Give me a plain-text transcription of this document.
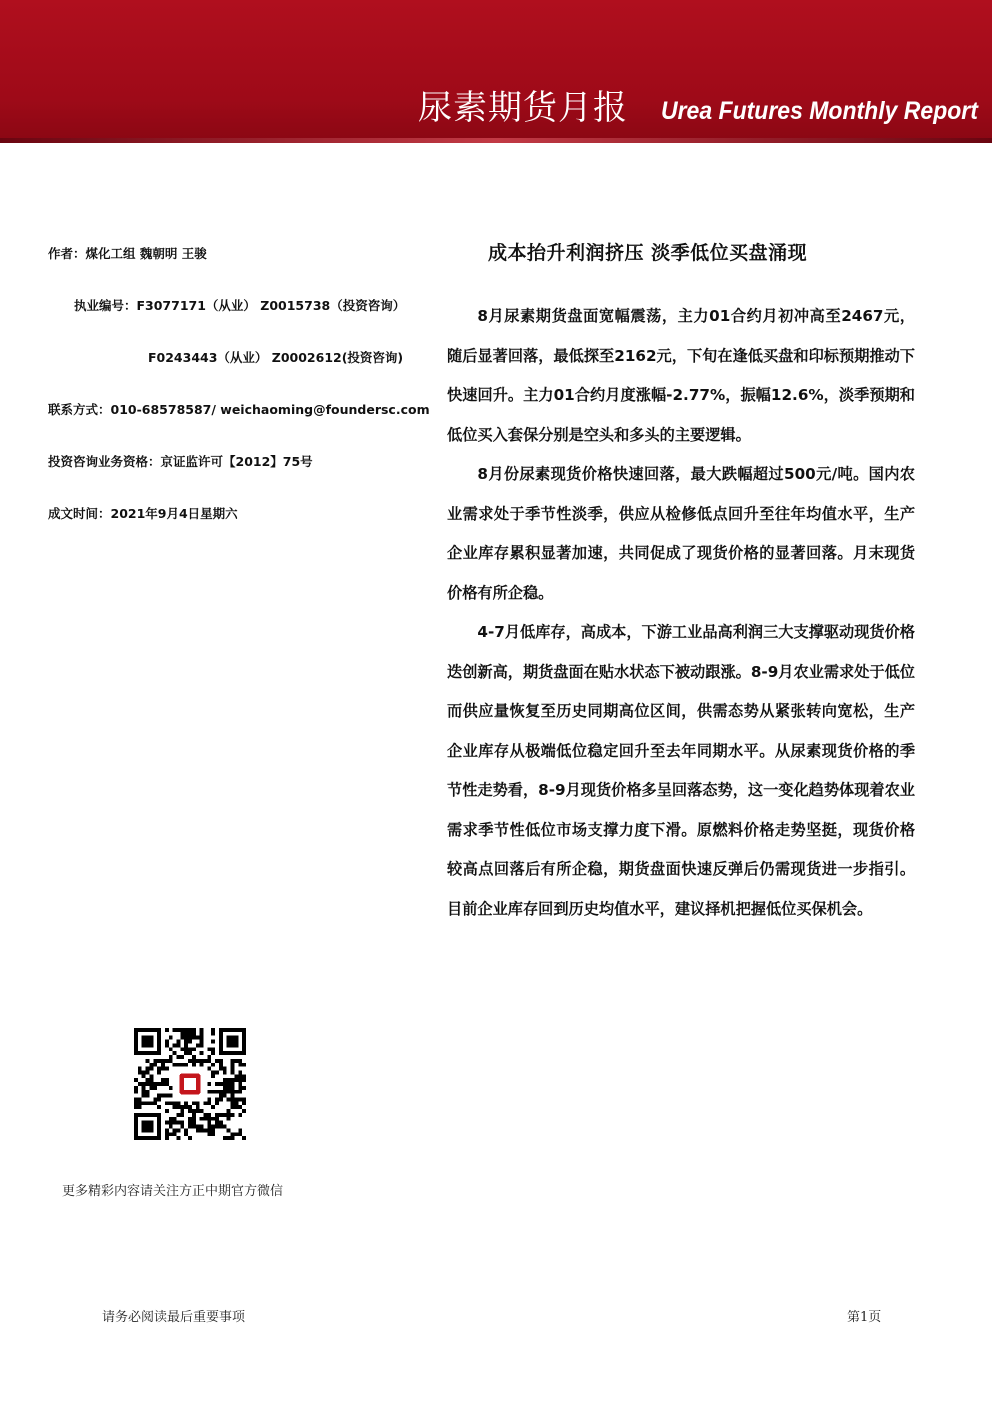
尿素期货月报 Urea Futures Monthly Report
作者：煤化工组 魏朝明 王骏
执业编号：F3077171（从业） Z0015738（投资咨询）
F0243443（从业） Z0002612(投资咨询)
联系方式：010-68578587/ weichaoming@foundersc.com
投资咨询业务资格：京证监许可【2012】75号
成文时间：2021年9月4日星期六
成本抬升利润挤压 淡季低位买盘涌现

8月尿素期货盘面宽幅震荡，主力01合约月初冲高至2467元，随后显著回落，最低探至2162元，下旬在逢低买盘和印标预期推动下快速回升。主力01合约月度涨幅-2.77%，振幅12.6%，淡季预期和低位买入套保分别是空头和多头的主要逻辑。

8月份尿素现货价格快速回落，最大跌幅超过500元/吨。国内农业需求处于季节性淡季，供应从检修低点回升至往年均值水平，生产企业库存累积显著加速，共同促成了现货价格的显著回落。月末现货价格有所企稳。

4-7月低库存，高成本，下游工业品高利润三大支撑驱动现货价格迭创新高，期货盘面在贴水状态下被动跟涨。8-9月农业需求处于低位而供应量恢复至历史同期高位区间，供需态势从紧张转向宽松，生产企业库存从极端低位稳定回升至去年同期水平。从尿素现货价格的季节性走势看，8-9月现货价格多呈回落态势，这一变化趋势体现着农业需求季节性低位市场支撑力度下滑。原燃料价格走势坚挺，现货价格较高点回落后有所企稳，期货盘面快速反弹后仍需现货进一步指引。目前企业库存回到历史均值水平，建议择机把握低位买保机会。

更多精彩内容请关注方正中期官方微信
请务必阅读最后重要事项	第1页
